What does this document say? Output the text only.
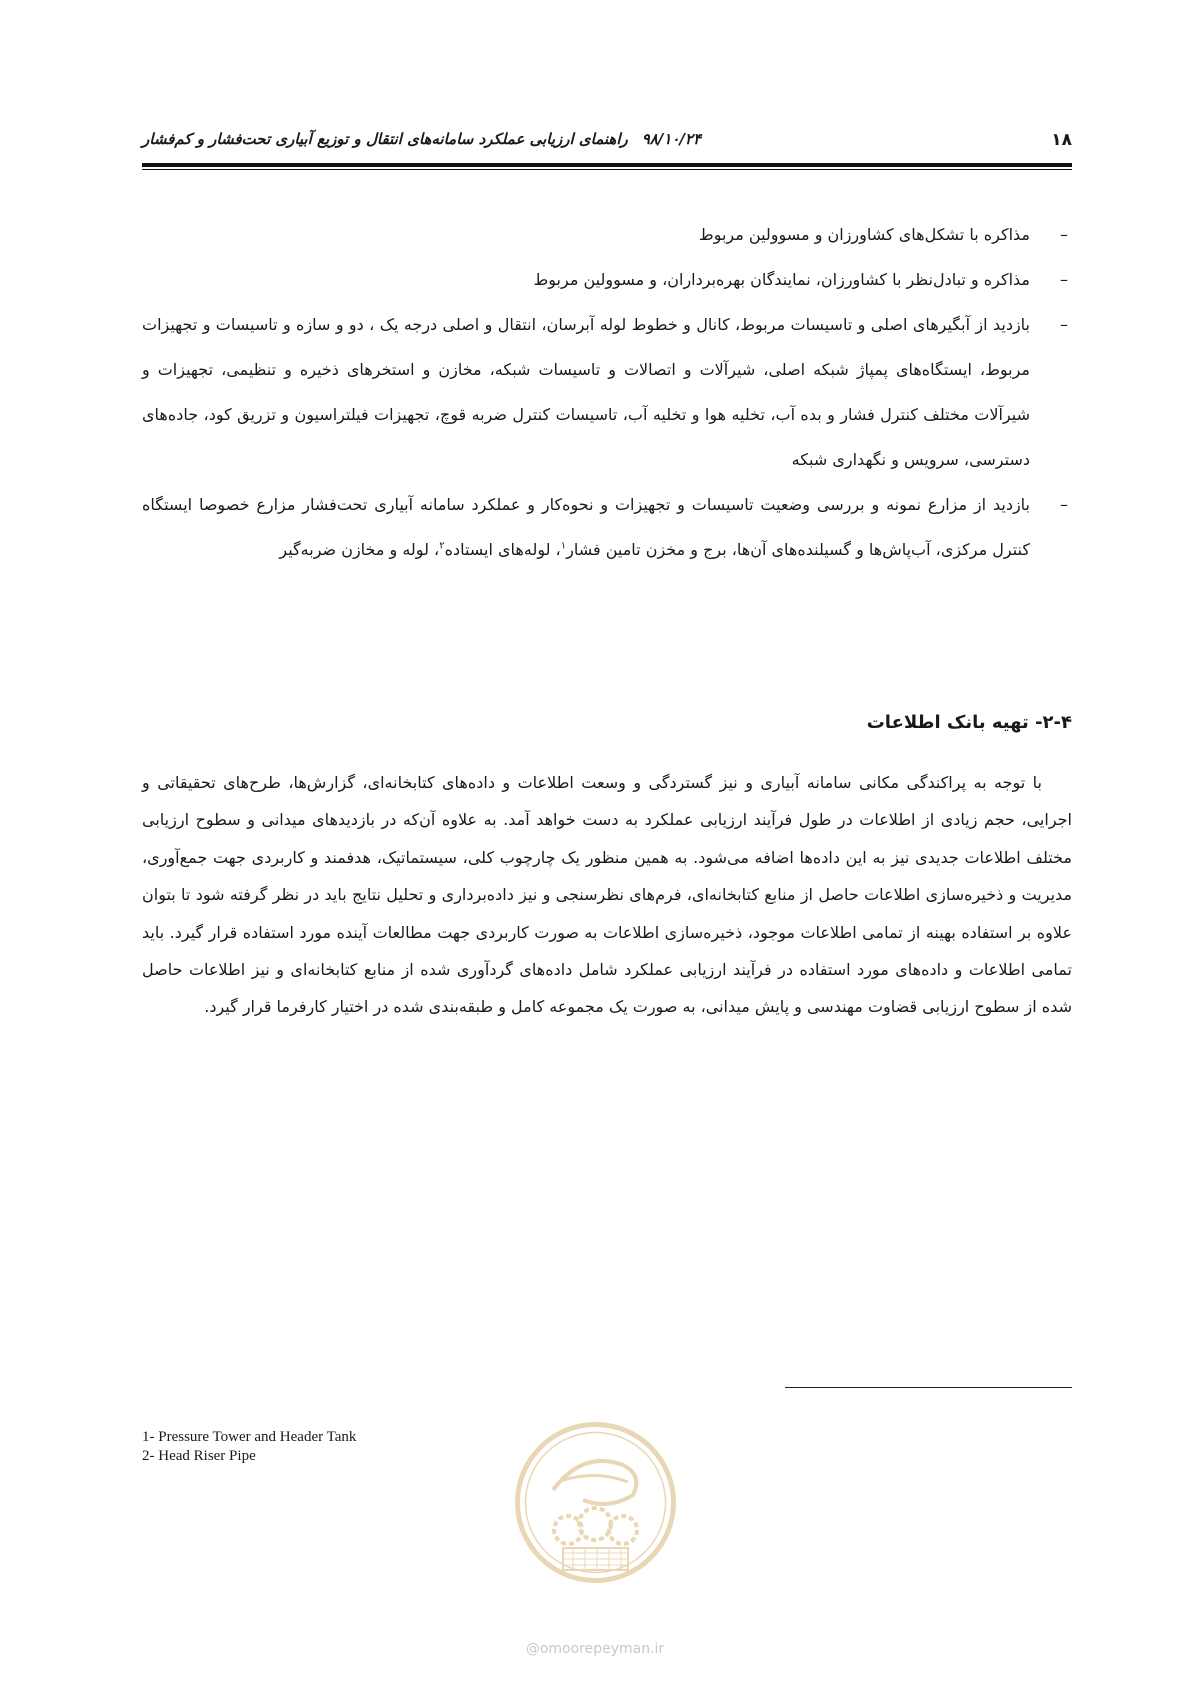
۱۸
۹۸/۱۰/۲۴راهنمای ارزیابی عملکرد سامانه‌های انتقال و توزیع آبیاری تحت‌فشار و کم‌فشار
–
مذاکره با تشکل‌های کشاورزان و مسوولین مربوط
–
مذاکره و تبادل‌نظر با کشاورزان، نمایندگان بهره‌برداران، و مسوولین مربوط
–
بازدید از آبگیرهای اصلی و تاسیسات مربوط، کانال و خطوط لوله آبرسان، انتقال و اصلی درجه یک ، دو و سازه و تاسیسات و تجهیزات مربوط، ایستگاه‌های پمپاژ شبکه اصلی، شیرآلات و اتصالات و تاسیسات شبکه، مخازن و استخرهای ذخیره و تنظیمی، تجهیزات و شیرآلات مختلف کنترل فشار و بده آب، تخلیه هوا و تخلیه آب، تاسیسات کنترل ضربه قوچ، تجهیزات فیلتراسیون و تزریق کود، جاده‌های دسترسی، سرویس و نگهداری شبکه
–
بازدید از مزارع نمونه و بررسی وضعیت تاسیسات و تجهیزات و نحوه‌کار و عملکرد سامانه آبیاری تحت‌فشار مزارع خصوصا ایستگاه کنترل مرکزی، آب‌پاش‌ها و گسیلنده‌های آن‌ها، برج و مخزن تامین فشار$^۱$، لوله‌های ایستاده$^۲$، لوله و مخازن ضربه‌گیر
۲-۴- تهیه بانک اطلاعات

با توجه به پراکندگی مکانی سامانه آبیاری و نیز گستردگی و وسعت اطلاعات و داده‌های کتابخانه‌ای، گزارش‌ها، طرح‌های تحقیقاتی و اجرایی، حجم زیادی از اطلاعات در طول فرآیند ارزیابی عملکرد به دست خواهد آمد. به علاوه آن‌که در بازدیدهای میدانی و سطوح ارزیابی مختلف اطلاعات جدیدی نیز به این داده‌ها اضافه می‌شود. به همین منظور یک چارچوب کلی، سیستماتیک، هدفمند و کاربردی جهت جمع‌آوری، مدیریت و ذخیره‌سازی اطلاعات حاصل از منابع کتابخانه‌ای، فرم‌های نظرسنجی و نیز داده‌برداری و تحلیل نتایج باید در نظر گرفته شود تا بتوان علاوه بر استفاده بهینه از تمامی اطلاعات موجود، ذخیره‌سازی اطلاعات به صورت کاربردی جهت مطالعات آینده مورد استفاده قرار گیرد. باید تمامی اطلاعات و داده‌های مورد استفاده در فرآیند ارزیابی عملکرد شامل داده‌های گردآوری شده از منابع کتابخانه‌ای و نیز اطلاعات حاصل شده از سطوح ارزیابی قضاوت مهندسی و پایش میدانی، به صورت یک مجموعه کامل و طبقه‌بندی شده در اختیار کارفرما قرار گیرد.

1- Pressure Tower and Header Tank
2- Head Riser Pipe
@omoorepeyman.ir
